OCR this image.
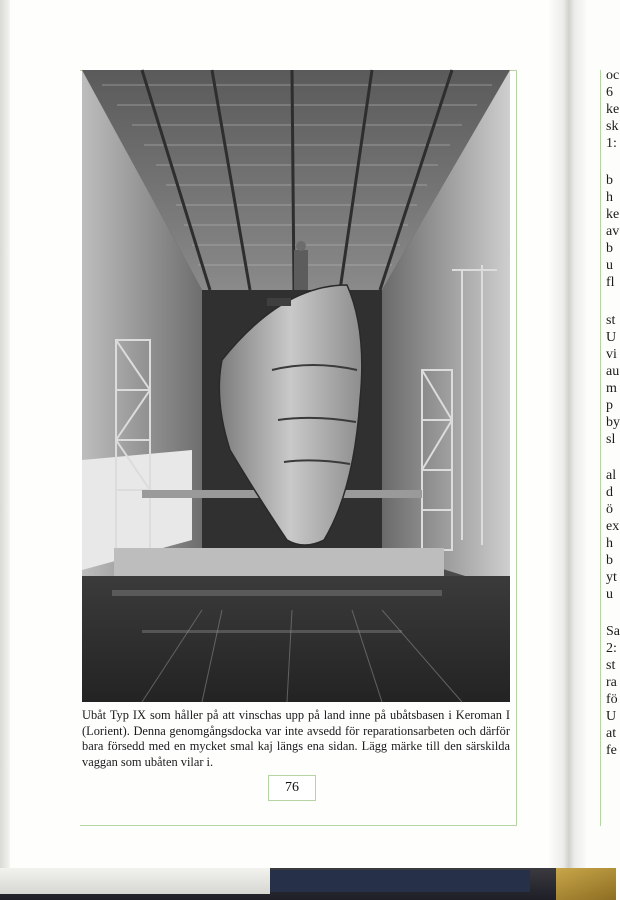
Ubåt Typ IX som håller på att vinschas upp på land inne på ubåtsbasen i Keroman I (Lorient). Denna genomgångsdocka var inte avsedd för reparationsarbeten och därför bara försedd med en mycket smal kaj längs ena sidan. Lägg märke till den särskilda vaggan som ubåten vilar i.
76
oc
6
ke
sk
1:
b
h
ke
av
b
u
fl
st
U
vi
au
m
p
by
sl
al
d
ö
ex
h
b
yt
u
Sa
2:
st
ra
fö
U
at
fe
